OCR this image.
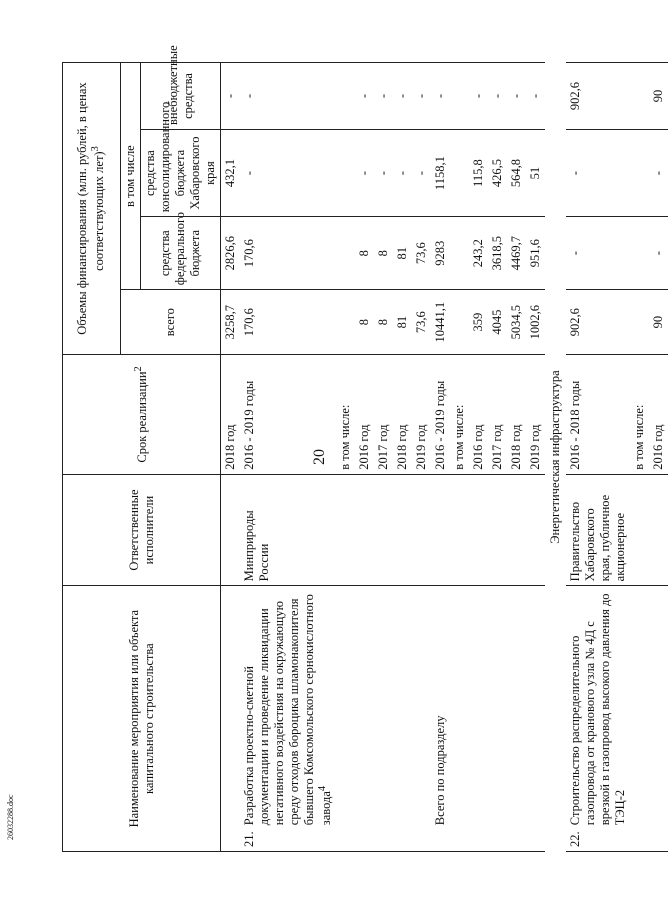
20
26032288.doc	Наименование мероприятия или объекта капитального строительства		Ответственные исполнители	Срок реализации$^2$	Объемы финансирования (млн. рублей, в ценах соответствующих лет)$^3$
				всего	в том числе		
					средства федерального бюджета	средства консолидированного бюджета Хабаровского края	внебюджетные средства
			2018 год	3258,7	2826,6	432,1	-
21.	Разработка проектно-сметной документации и проведение ликвидации негативного воздействия на окружающую среду отходов бороцика шламонакопителя бывшего Комсомольского сернокислотного завода$^4$	Минприроды России	2016 - 2019 годы	170,6	170,6	-	-
			в том числе:				
			2016 год	8	8	-	-
			2017 год	8	8	-	-
			2018 год	81	81	-	-
			2019 год	73,6	73,6	-	-
	Всего по подразделу		2016 - 2019 годы	10441,1	9283	1158,1	-
			в том числе:				
			2016 год	359	243,2	115,8	-
			2017 год	4045	3618,5	426,5	-
			2018 год	5034,5	4469,7	564,8	-
			2019 год	1002,6	951,6	51	-
Энергетическая инфраструктура							
22.	Строительство распределительного газопровода от кранового узла № 4Д с врезкой в газопровод высокого давления до ТЭЦ-2	Правительство Хабаровского края, публичное акционерное	2016 - 2018 годы	902,6	-	-	902,6
			в том числе:				
			2016 год	90	-	-	90
